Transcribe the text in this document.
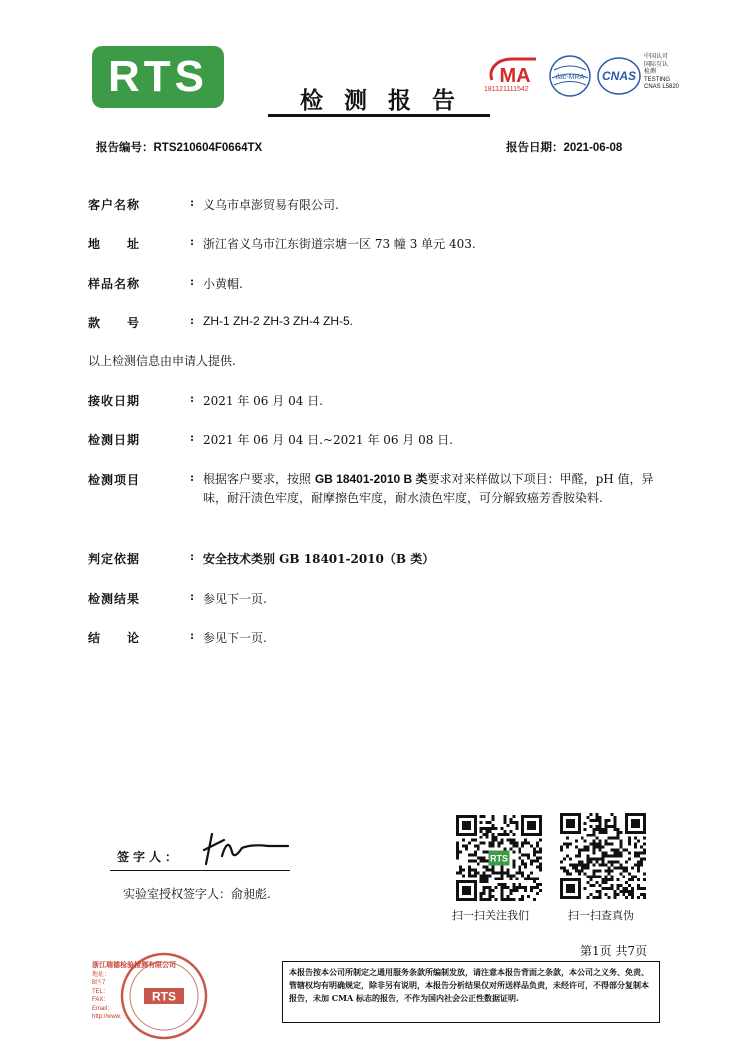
RTS	检测报告
MA
181121111542
ilac-MRA CNAS
中国认可
国际互认
检测
TESTING
CNAS L5820
报告编号：RTS210604F0664TX	报告日期：2021-06-08
客户名称	: 义乌市卓澎贸易有限公司.
地址 : 浙江省义乌市江东街道宗塘一区 73 幢 3 单元 403.
样品名称	: 小黄帽.
款号 : ZH-1 ZH-2 ZH-3 ZH-4 ZH-5.
以上检测信息由申请人提供.
接收日期	: 2021 年 06 月 04 日.
检测日期	: 2021 年 06 月 04 日.~2021 年 06 月 08 日.
检测项目	: 根据客户要求，按照 GB 18401-2010 B 类要求对来样做以下项目：甲醛，pH 值，异味，耐汗渍色牢度，耐摩擦色牢度，耐水渍色牢度，可分解致癌芳香胺染料.
判定依据	: 安全技术类别 GB 18401-2010（B 类）
检测结果	: 参见下一页.
结论 : 参见下一页.
签字人：
实验室授权签字人：俞昶彪.
RTS
扫一扫关注我们	扫一扫查真伪
第1页 共7页
浙江瑞德检验检测有限公司
地址：
B区7
TEL：
FAX：
Email：
http://www.
RTS
本报告按本公司所制定之通用服务条款所编制发放，请注意本报告背面之条款，本公司之义务、免责、管辖权均有明确规定，除非另有说明，本报告分析结果仅对所送样品负责，未经许可，不得部分复制本报告，未加 CMA 标志的报告，不作为国内社会公正性数据证明.
